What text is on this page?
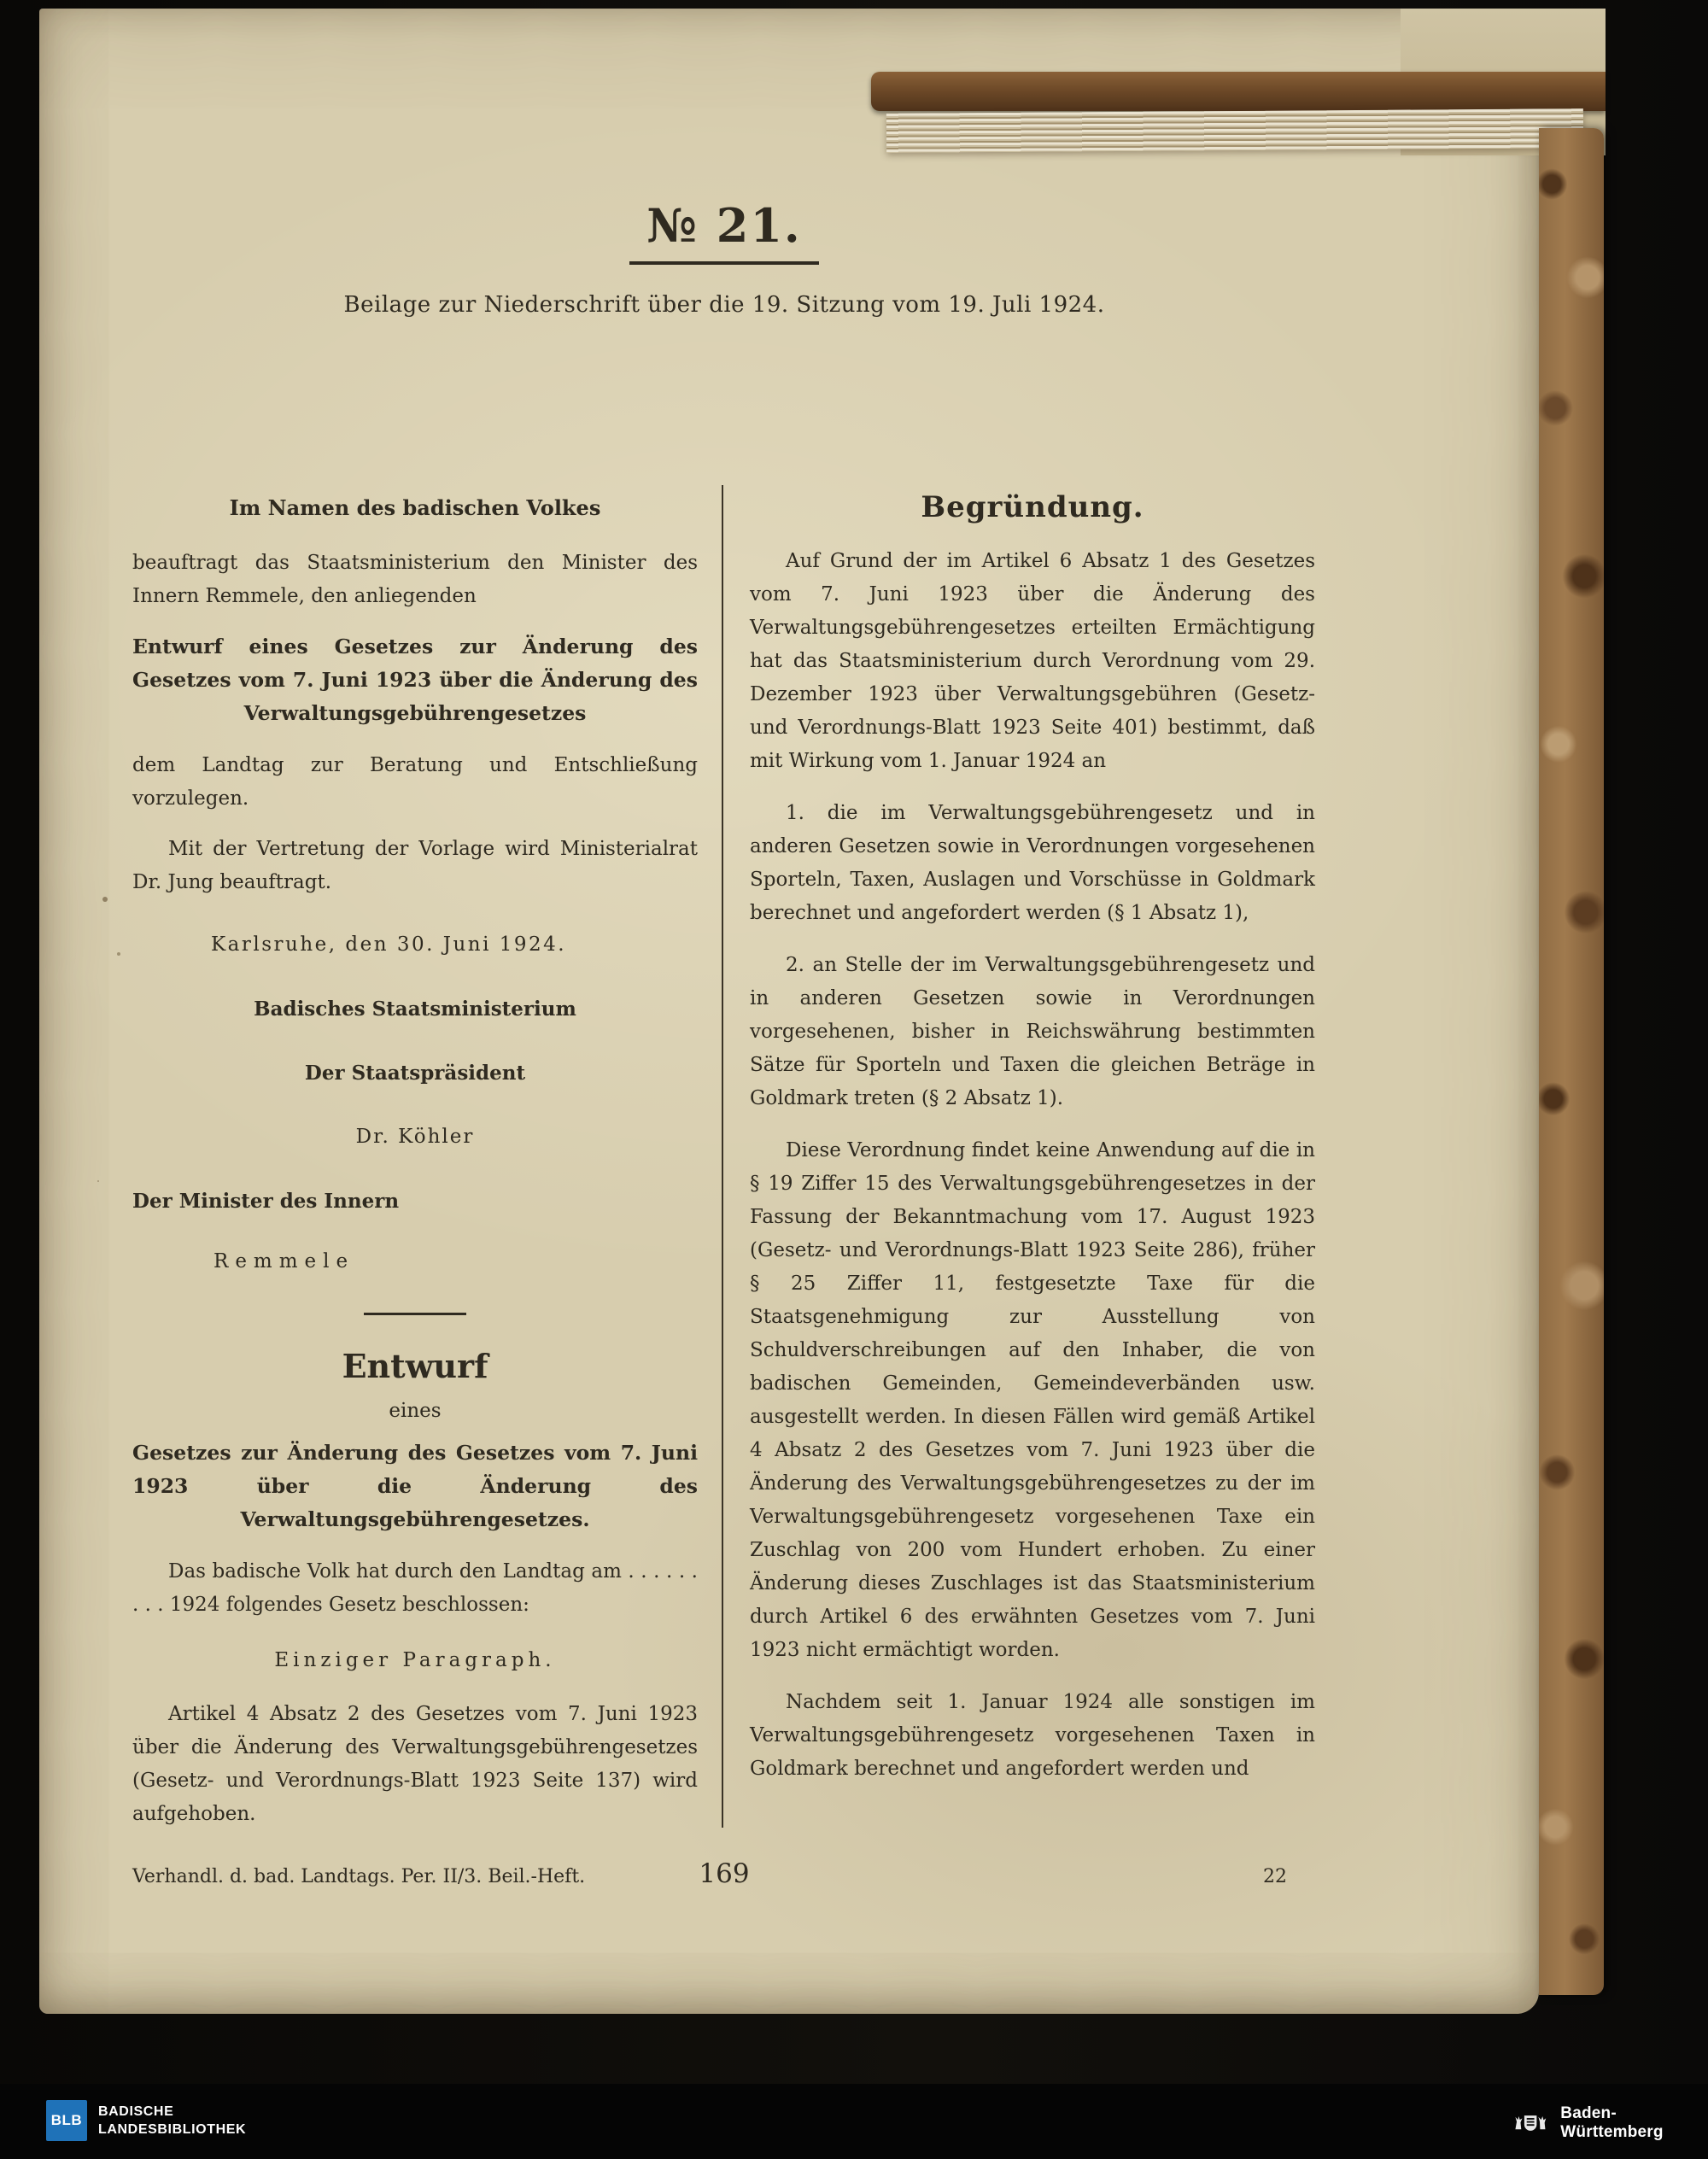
№ 21.
Beilage zur Niederschrift über die 19. Sitzung vom 19. Juli 1924.

Im Namen des badischen Volkes

beauftragt das Staatsministerium den Minister des Innern Remmele, den anliegenden

Entwurf eines Gesetzes zur Änderung des Gesetzes vom 7. Juni 1923 über die Änderung des Verwaltungsgebührengesetzes

dem Landtag zur Beratung und Entschließung vorzulegen.

Mit der Vertretung der Vorlage wird Ministerialrat Dr. Jung beauftragt.

Karlsruhe, den 30. Juni 1924.

Badisches Staatsministerium

Der Staatspräsident

Dr. Köhler

Der Minister des Innern

Remmele

Entwurf

eines

Gesetzes zur Änderung des Gesetzes vom 7. Juni 1923 über die Änderung des Verwaltungsgebührengesetzes.

Das badische Volk hat durch den Landtag am . . . . . . . . . 1924 folgendes Gesetz beschlossen:

Einziger Paragraph.

Artikel 4 Absatz 2 des Gesetzes vom 7. Juni 1923 über die Änderung des Verwaltungsgebührengesetzes (Gesetz- und Verordnungs-Blatt 1923 Seite 137) wird aufgehoben.

Begründung.

Auf Grund der im Artikel 6 Absatz 1 des Gesetzes vom 7. Juni 1923 über die Änderung des Verwaltungsgebührengesetzes erteilten Ermächtigung hat das Staatsministerium durch Verordnung vom 29. Dezember 1923 über Verwaltungsgebühren (Gesetz- und Verordnungs-Blatt 1923 Seite 401) bestimmt, daß mit Wirkung vom 1. Januar 1924 an

1. die im Verwaltungsgebührengesetz und in anderen Gesetzen sowie in Verordnungen vorgesehenen Sporteln, Taxen, Auslagen und Vorschüsse in Goldmark berechnet und angefordert werden (§ 1 Absatz 1),

2. an Stelle der im Verwaltungsgebührengesetz und in anderen Gesetzen sowie in Verordnungen vorgesehenen, bisher in Reichswährung bestimmten Sätze für Sporteln und Taxen die gleichen Beträge in Goldmark treten (§ 2 Absatz 1).

Diese Verordnung findet keine Anwendung auf die in § 19 Ziffer 15 des Verwaltungsgebührengesetzes in der Fassung der Bekanntmachung vom 17. August 1923 (Gesetz- und Verordnungs-Blatt 1923 Seite 286), früher § 25 Ziffer 11, festgesetzte Taxe für die Staatsgenehmigung zur Ausstellung von Schuldverschreibungen auf den Inhaber, die von badischen Gemeinden, Gemeindeverbänden usw. ausgestellt werden. In diesen Fällen wird gemäß Artikel 4 Absatz 2 des Gesetzes vom 7. Juni 1923 über die Änderung des Verwaltungsgebührengesetzes zu der im Verwaltungsgebührengesetz vorgesehenen Taxe ein Zuschlag von 200 vom Hundert erhoben. Zu einer Änderung dieses Zuschlages ist das Staatsministerium durch Artikel 6 des erwähnten Gesetzes vom 7. Juni 1923 nicht ermächtigt worden.

Nachdem seit 1. Januar 1924 alle sonstigen im Verwaltungsgebührengesetz vorgesehenen Taxen in Goldmark berechnet und angefordert werden und

Verhandl. d. bad. Landtags. Per. II/3. Beil.-Heft.	169	22
BLB
BADISCHE
LANDESBIBLIOTHEK
Baden-Württemberg
